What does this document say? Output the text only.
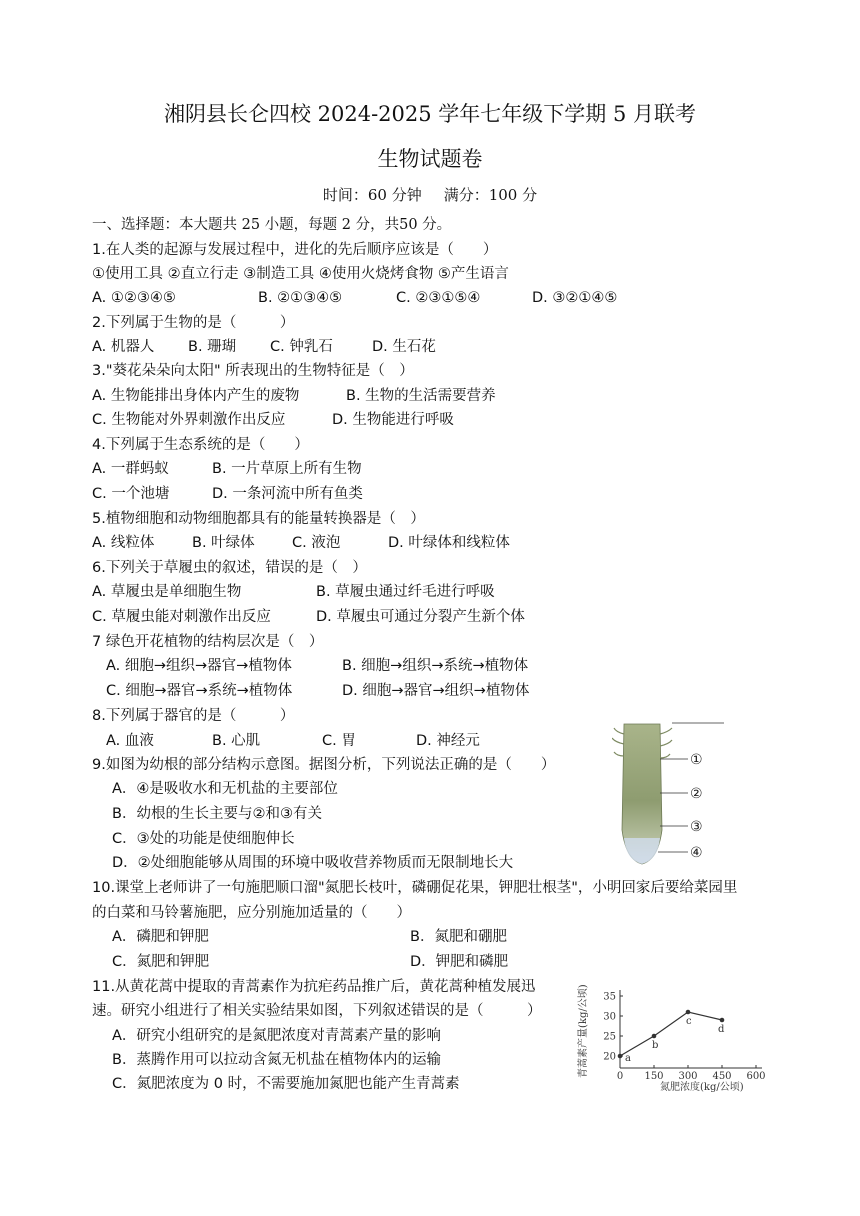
湘阴县长仑四校 2024-2025 学年七年级下学期 5 月联考
生物试题卷
时间：60 分钟 满分：100 分
一、选择题：本大题共 25 小题，每题 2 分，共50 分。
1.在人类的起源与发展过程中，进化的先后顺序应该是（　　）
①使用工具 ②直立行走 ③制造工具 ④使用火烧烤食物 ⑤产生语言
A. ①②③④⑤	B. ②①③④⑤	C. ②③①⑤④	D. ③②①④⑤
2.下列属于生物的是（　　　）
A. 机器人 B. 珊瑚 C. 钟乳石	D. 生石花
3."葵花朵朵向太阳" 所表现出的生物特征是（　）
A. 生物能排出身体内产生的废物	B. 生物的生活需要营养
C. 生物能对外界刺激作出反应	D. 生物能进行呼吸
4.下列属于生态系统的是（　　）
A. 一群蚂蚁	B. 一片草原上所有生物
C. 一个池塘	D. 一条河流中所有鱼类
5.植物细胞和动物细胞都具有的能量转换器是（　）
A. 线粒体	B. 叶绿体	C. 液泡	D. 叶绿体和线粒体
6.下列关于草履虫的叙述，错误的是（　）
A. 草履虫是单细胞生物	B. 草履虫通过纤毛进行呼吸
C. 草履虫能对刺激作出反应	D. 草履虫可通过分裂产生新个体
7 绿色开花植物的结构层次是（　）
A. 细胞→组织→器官→植物体	B. 细胞→组织→系统→植物体
C. 细胞→器官→系统→植物体	D. 细胞→器官→组织→植物体
8.下列属于器官的是（　　　）
A. 血液	B. 心肌	C. 胃	D. 神经元
9.如图为幼根的部分结构示意图。据图分析，下列说法正确的是（　　）
A．④是吸收水和无机盐的主要部位
B．幼根的生长主要与②和③有关
C．③处的功能是使细胞伸长
D．②处细胞能够从周围的环境中吸收营养物质而无限制地长大
①
②
③
④
10.课堂上老师讲了一句施肥顺口溜"氮肥长枝叶，磷硼促花果，钾肥壮根茎"，小明回家后要给菜园里
的白菜和马铃薯施肥，应分别施加适量的（　　）
A．磷肥和钾肥	B．氮肥和硼肥
C．氮肥和钾肥	D．钾肥和磷肥
11.从黄花蒿中提取的青蒿素作为抗疟药品推广后，黄花蒿种植发展迅
速。研究小组进行了相关实验结果如图，下列叙述错误的是（　　　）
A．研究小组研究的是氮肥浓度对青蒿素产量的影响
B．蒸腾作用可以拉动含氮无机盐在植物体内的运输
C．氮肥浓度为 0 时，不需要施加氮肥也能产生青蒿素	0 150 300 450 600
20
25
30
35
a
b
c
d
青蒿素产量(kg/公顷)
氮肥浓度(kg/公顷)
